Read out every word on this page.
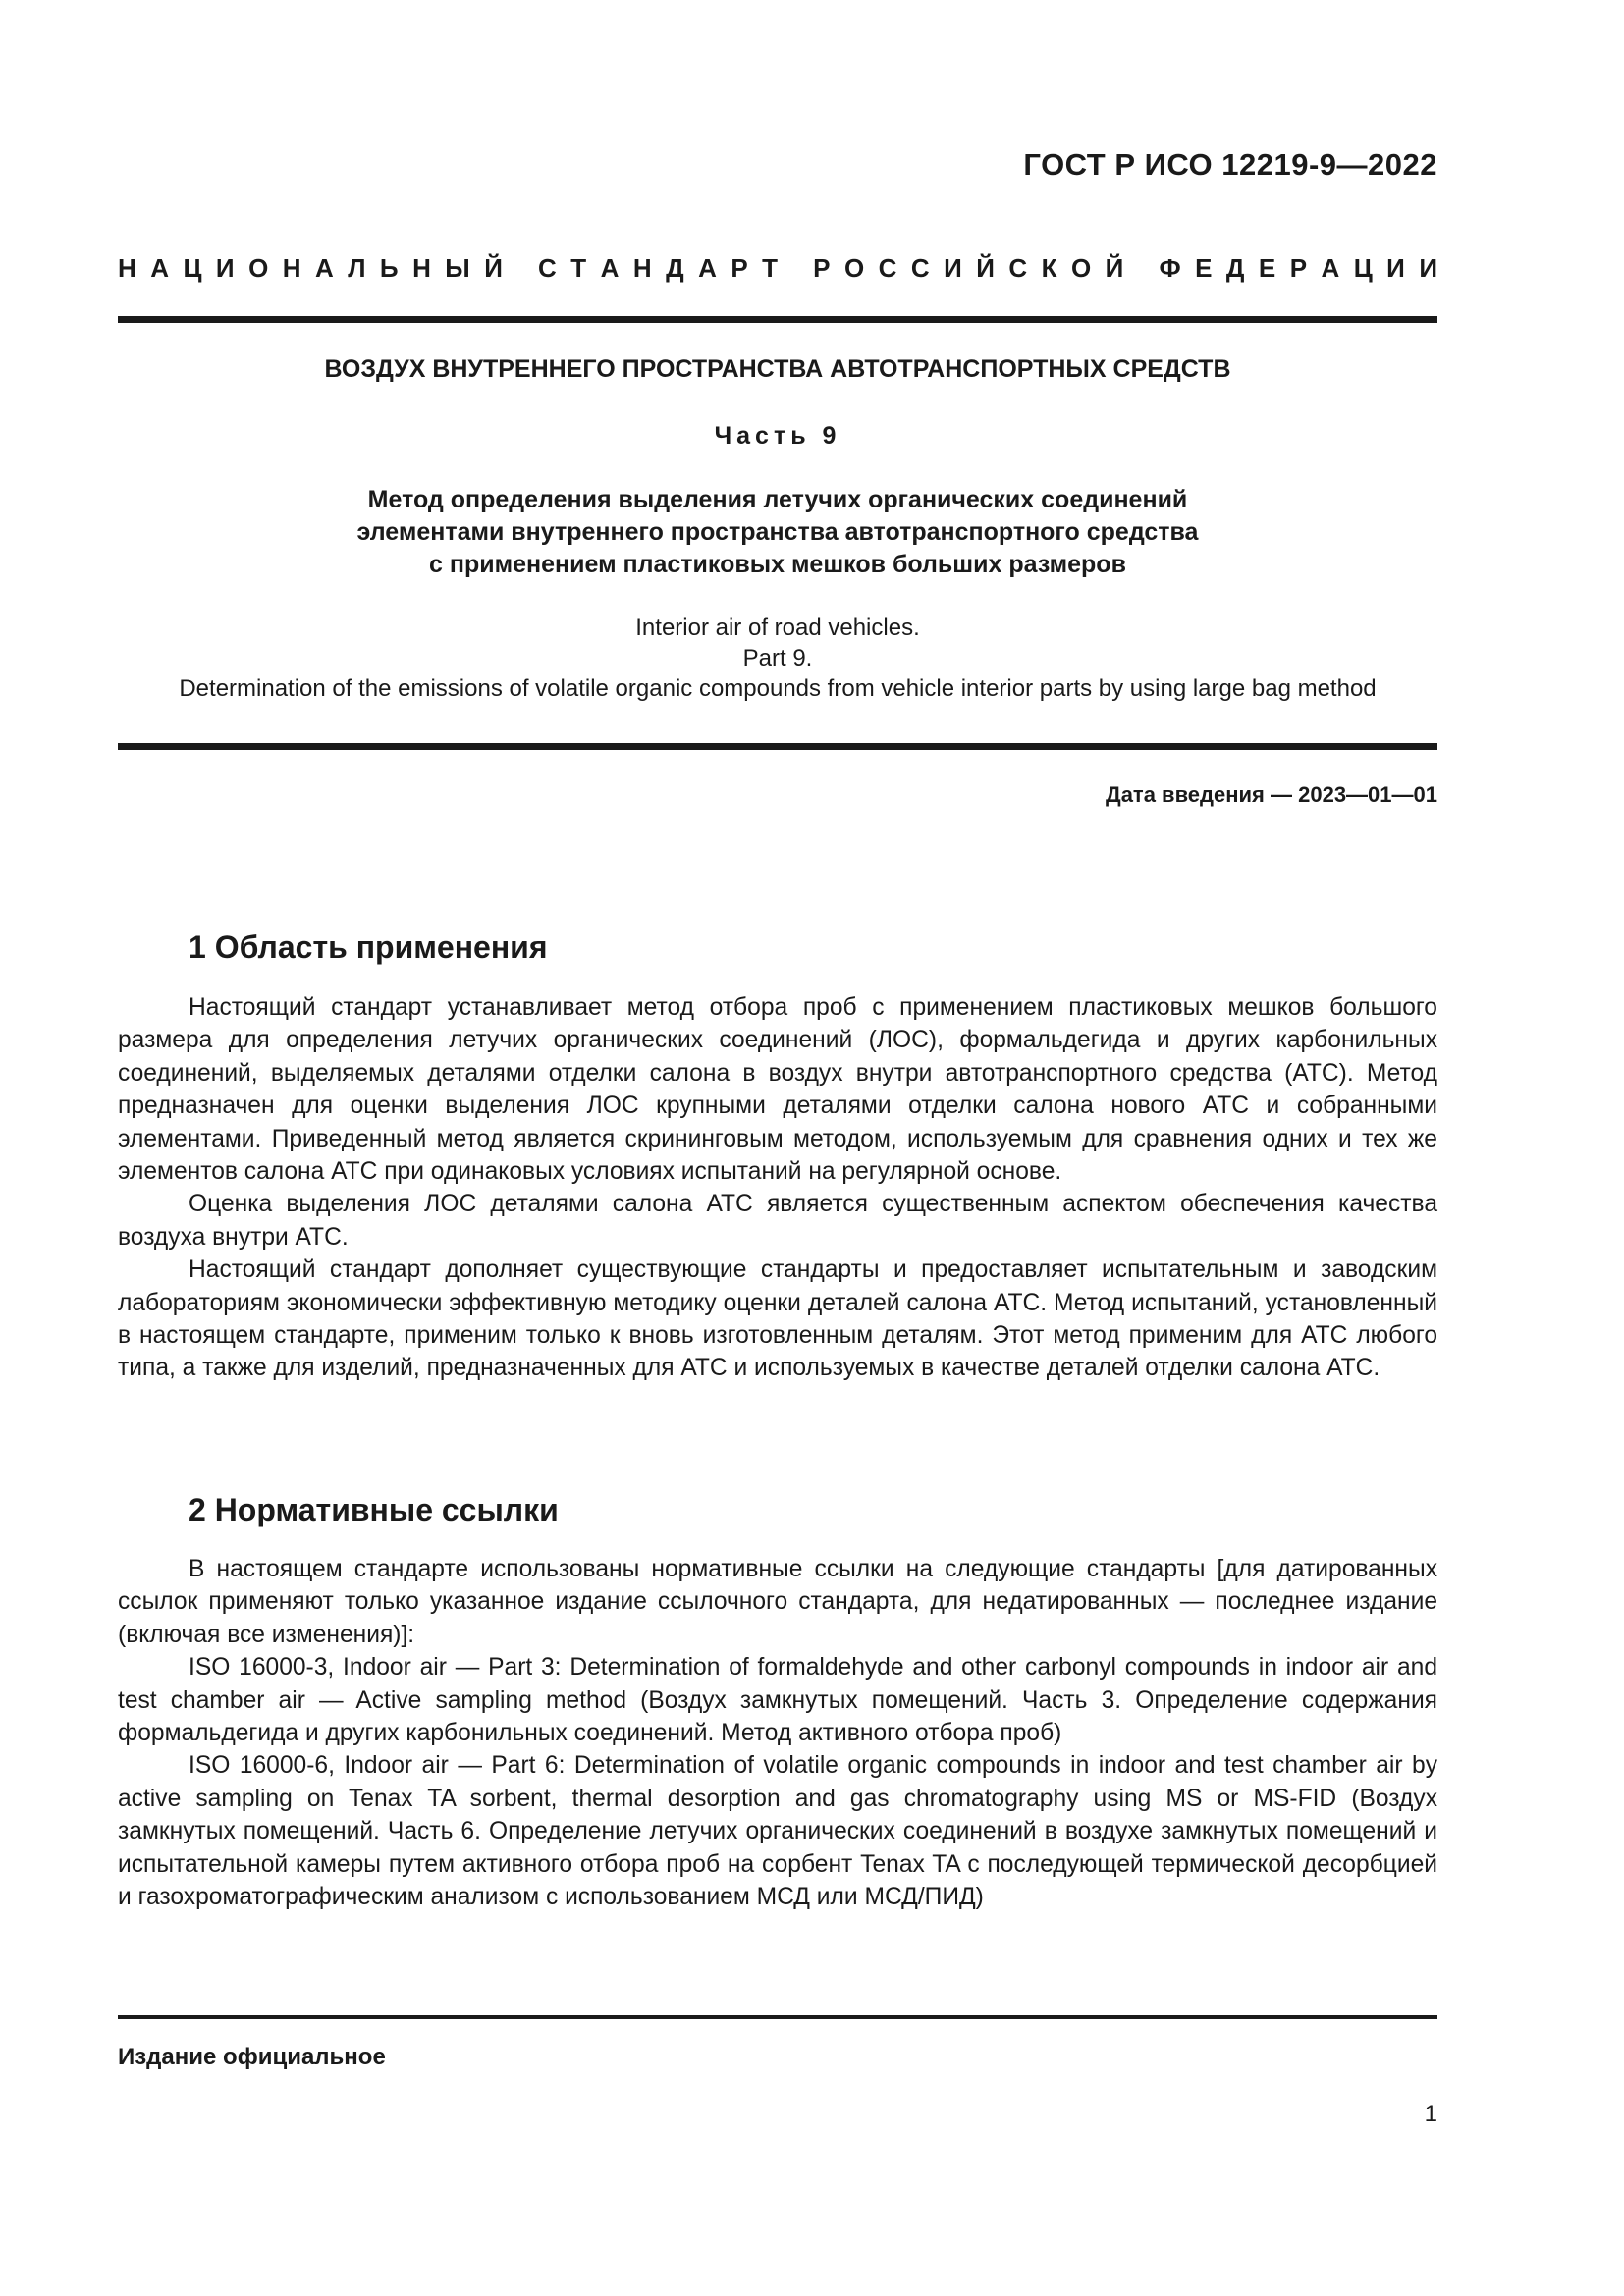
ГОСТ Р ИСО 12219-9—2022
Н А Ц И О Н А Л Ь Н Ы Й
С Т А Н Д А Р Т
Р О С С И Й С К О Й
Ф Е Д Е Р А Ц И И
ВОЗДУХ ВНУТРЕННЕГО ПРОСТРАНСТВА АВТОТРАНСПОРТНЫХ СРЕДСТВ
Часть 9
Метод определения выделения летучих органических соединений
элементами внутреннего пространства автотранспортного средства
с применением пластиковых мешков больших размеров
Interior air of road vehicles.
Part 9.
Determination of the emissions of volatile organic compounds from vehicle interior parts by using large bag method
Дата введения — 2023—01—01
1 Область применения

Настоящий стандарт устанавливает метод отбора проб с применением пластиковых мешков большого размера для определения летучих органических соединений (ЛОС), формальдегида и других карбонильных соединений, выделяемых деталями отделки салона в воздух внутри автотранспортного средства (АТС). Метод предназначен для оценки выделения ЛОС крупными деталями отделки салона нового АТС и собранными элементами. Приведенный метод является скрининговым методом, используемым для сравнения одних и тех же элементов салона АТС при одинаковых условиях испытаний на регулярной основе.

Оценка выделения ЛОС деталями салона АТС является существенным аспектом обеспечения качества воздуха внутри АТС.

Настоящий стандарт дополняет существующие стандарты и предоставляет испытательным и заводским лабораториям экономически эффективную методику оценки деталей салона АТС. Метод испытаний, установленный в настоящем стандарте, применим только к вновь изготовленным деталям. Этот метод применим для АТС любого типа, а также для изделий, предназначенных для АТС и используемых в качестве деталей отделки салона АТС.

2 Нормативные ссылки

В настоящем стандарте использованы нормативные ссылки на следующие стандарты [для датированных ссылок применяют только указанное издание ссылочного стандарта, для недатированных — последнее издание (включая все изменения)]:

ISO 16000-3, Indoor air — Part 3: Determination of formaldehyde and other carbonyl compounds in indoor air and test chamber air — Active sampling method (Воздух замкнутых помещений. Часть 3. Определение содержания формальдегида и других карбонильных соединений. Метод активного отбора проб)

ISO 16000-6, Indoor air — Part 6: Determination of volatile organic compounds in indoor and test chamber air by active sampling on Tenax TA sorbent, thermal desorption and gas chromatography using MS or MS-FID (Воздух замкнутых помещений. Часть 6. Определение летучих органических соединений в воздухе замкнутых помещений и испытательной камеры путем активного отбора проб на сорбент Tenax TA с последующей термической десорбцией и газохроматографическим анализом с использованием МСД или МСД/ПИД)

Издание официальное
1
